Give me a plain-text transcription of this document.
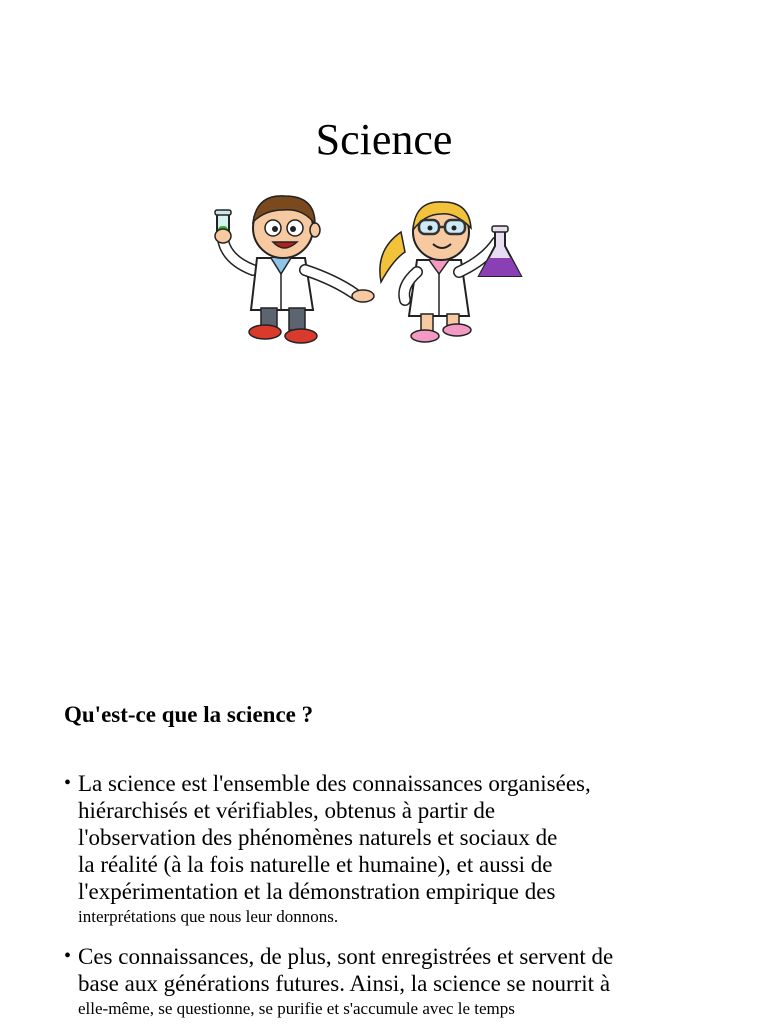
Science
Qu'est-ce que la science ?
• La science est l'ensemble des connaissances organisées,
hiérarchisés et vérifiables, obtenus à partir de
l'observation des phénomènes naturels et sociaux de
la réalité (à la fois naturelle et humaine), et aussi de
l'expérimentation et la démonstration empirique des
interprétations que nous leur donnons.
• Ces connaissances, de plus, sont enregistrées et servent de
base aux générations futures. Ainsi, la science se nourrit à
elle-même, se questionne, se purifie et s'accumule avec le temps
